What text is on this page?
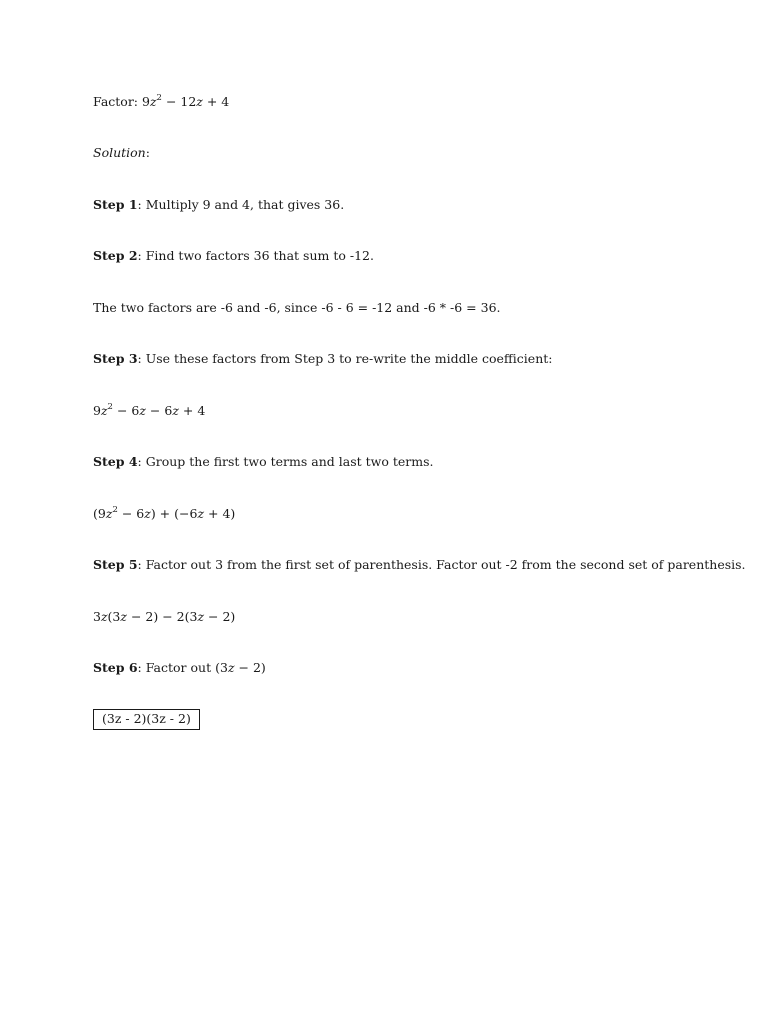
Factor: $9z^2 - 12z + 4$
Solution:
Step 1: Multiply 9 and 4, that gives 36.
Step 2: Find two factors 36 that sum to -12.
The two factors are -6 and -6, since -6 - 6 = -12 and -6 * -6 = 36.
Step 3: Use these factors from Step 3 to re-write the middle coefficient:
$9z^2 - 6z - 6z + 4$
Step 4: Group the first two terms and last two terms.
$(9z^2 - 6z) + (-6z + 4)$
Step 5: Factor out 3 from the first set of parenthesis. Factor out -2 from the second set of parenthesis.
3z(3z − 2) − 2(3z − 2)
Step 6: Factor out (3z − 2)
(3z - 2)(3z - 2)
